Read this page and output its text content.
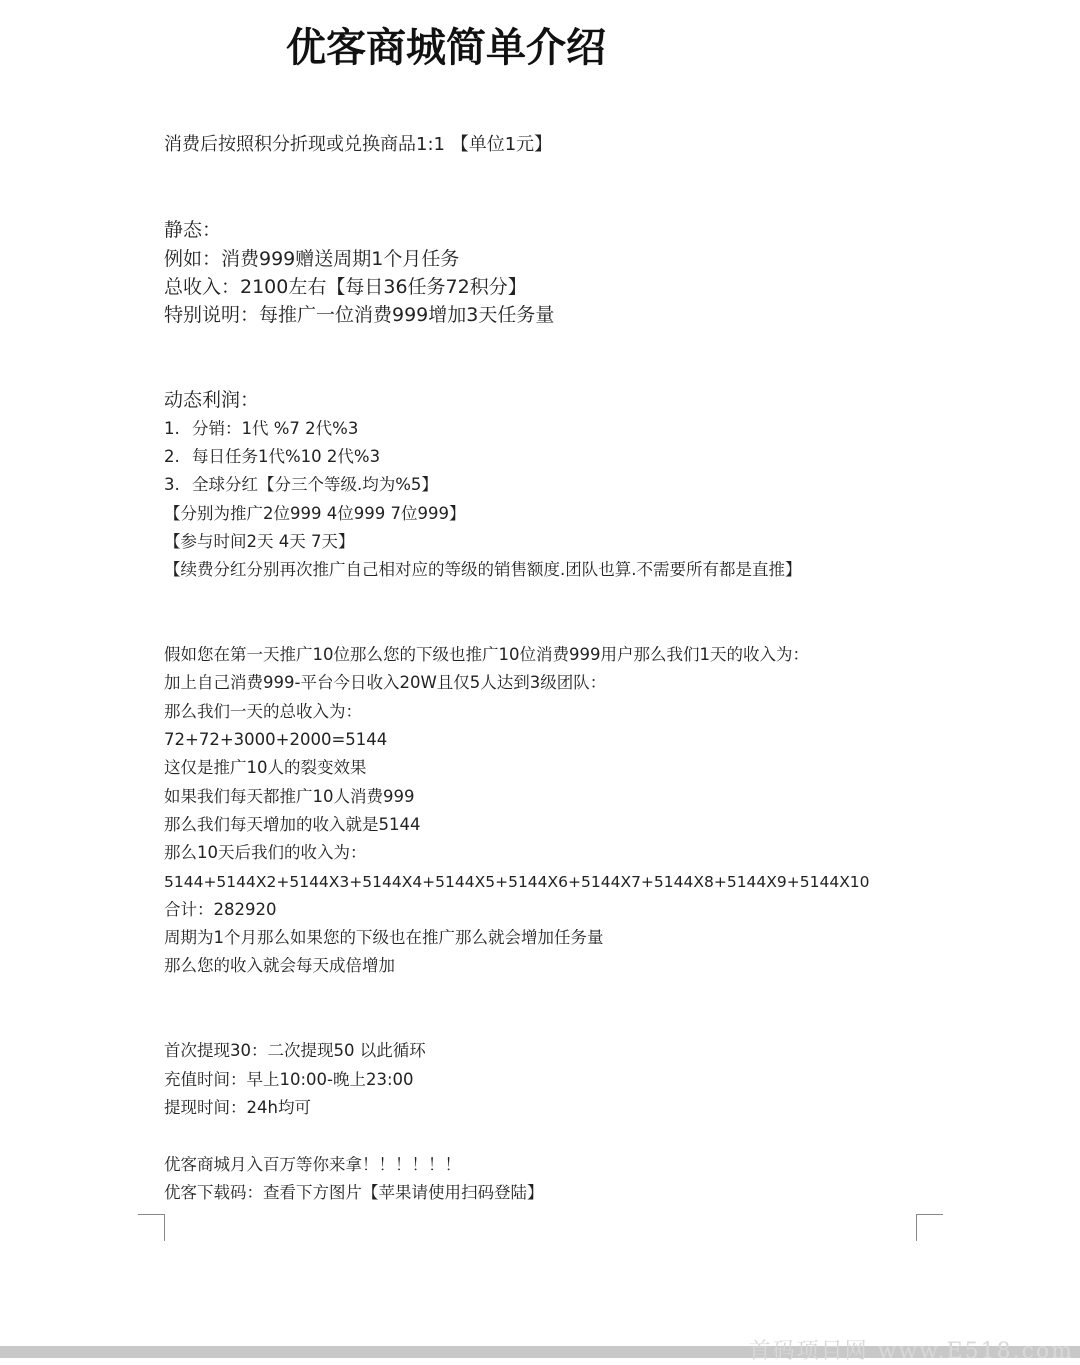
优客商城简单介绍
消费后按照积分折现或兑换商品1:1 【单位1元】
静态：
例如：消费999赠送周期1个月任务
总收入：2100左右【每日36任务72积分】
特别说明：每推广一位消费999增加3天任务量
动态利润：
1. 分销：1代 %7 2代%3
2. 每日任务1代%10 2代%3
3. 全球分红【分三个等级.均为%5】
【分别为推广2位999 4位999 7位999】
【参与时间2天 4天 7天】
【续费分红分别再次推广自己相对应的等级的销售额度.团队也算.不需要所有都是直推】
假如您在第一天推广10位那么您的下级也推广10位消费999用户那么我们1天的收入为：
加上自己消费999-平台今日收入20W且仅5人达到3级团队：
那么我们一天的总收入为：
72+72+3000+2000=5144
这仅是推广10人的裂变效果
如果我们每天都推广10人消费999
那么我们每天增加的收入就是5144
那么10天后我们的收入为：
5144+5144X2+5144X3+5144X4+5144X5+5144X6+5144X7+5144X8+5144X9+5144X10
合计：282920
周期为1个月那么如果您的下级也在推广那么就会增加任务量
那么您的收入就会每天成倍增加
首次提现30：二次提现50 以此循环
充值时间：早上10:00-晚上23:00
提现时间：24h均可
优客商城月入百万等你来拿！！！！！！
优客下载码：查看下方图片【苹果请使用扫码登陆】
首码项目网 www.E518.com
